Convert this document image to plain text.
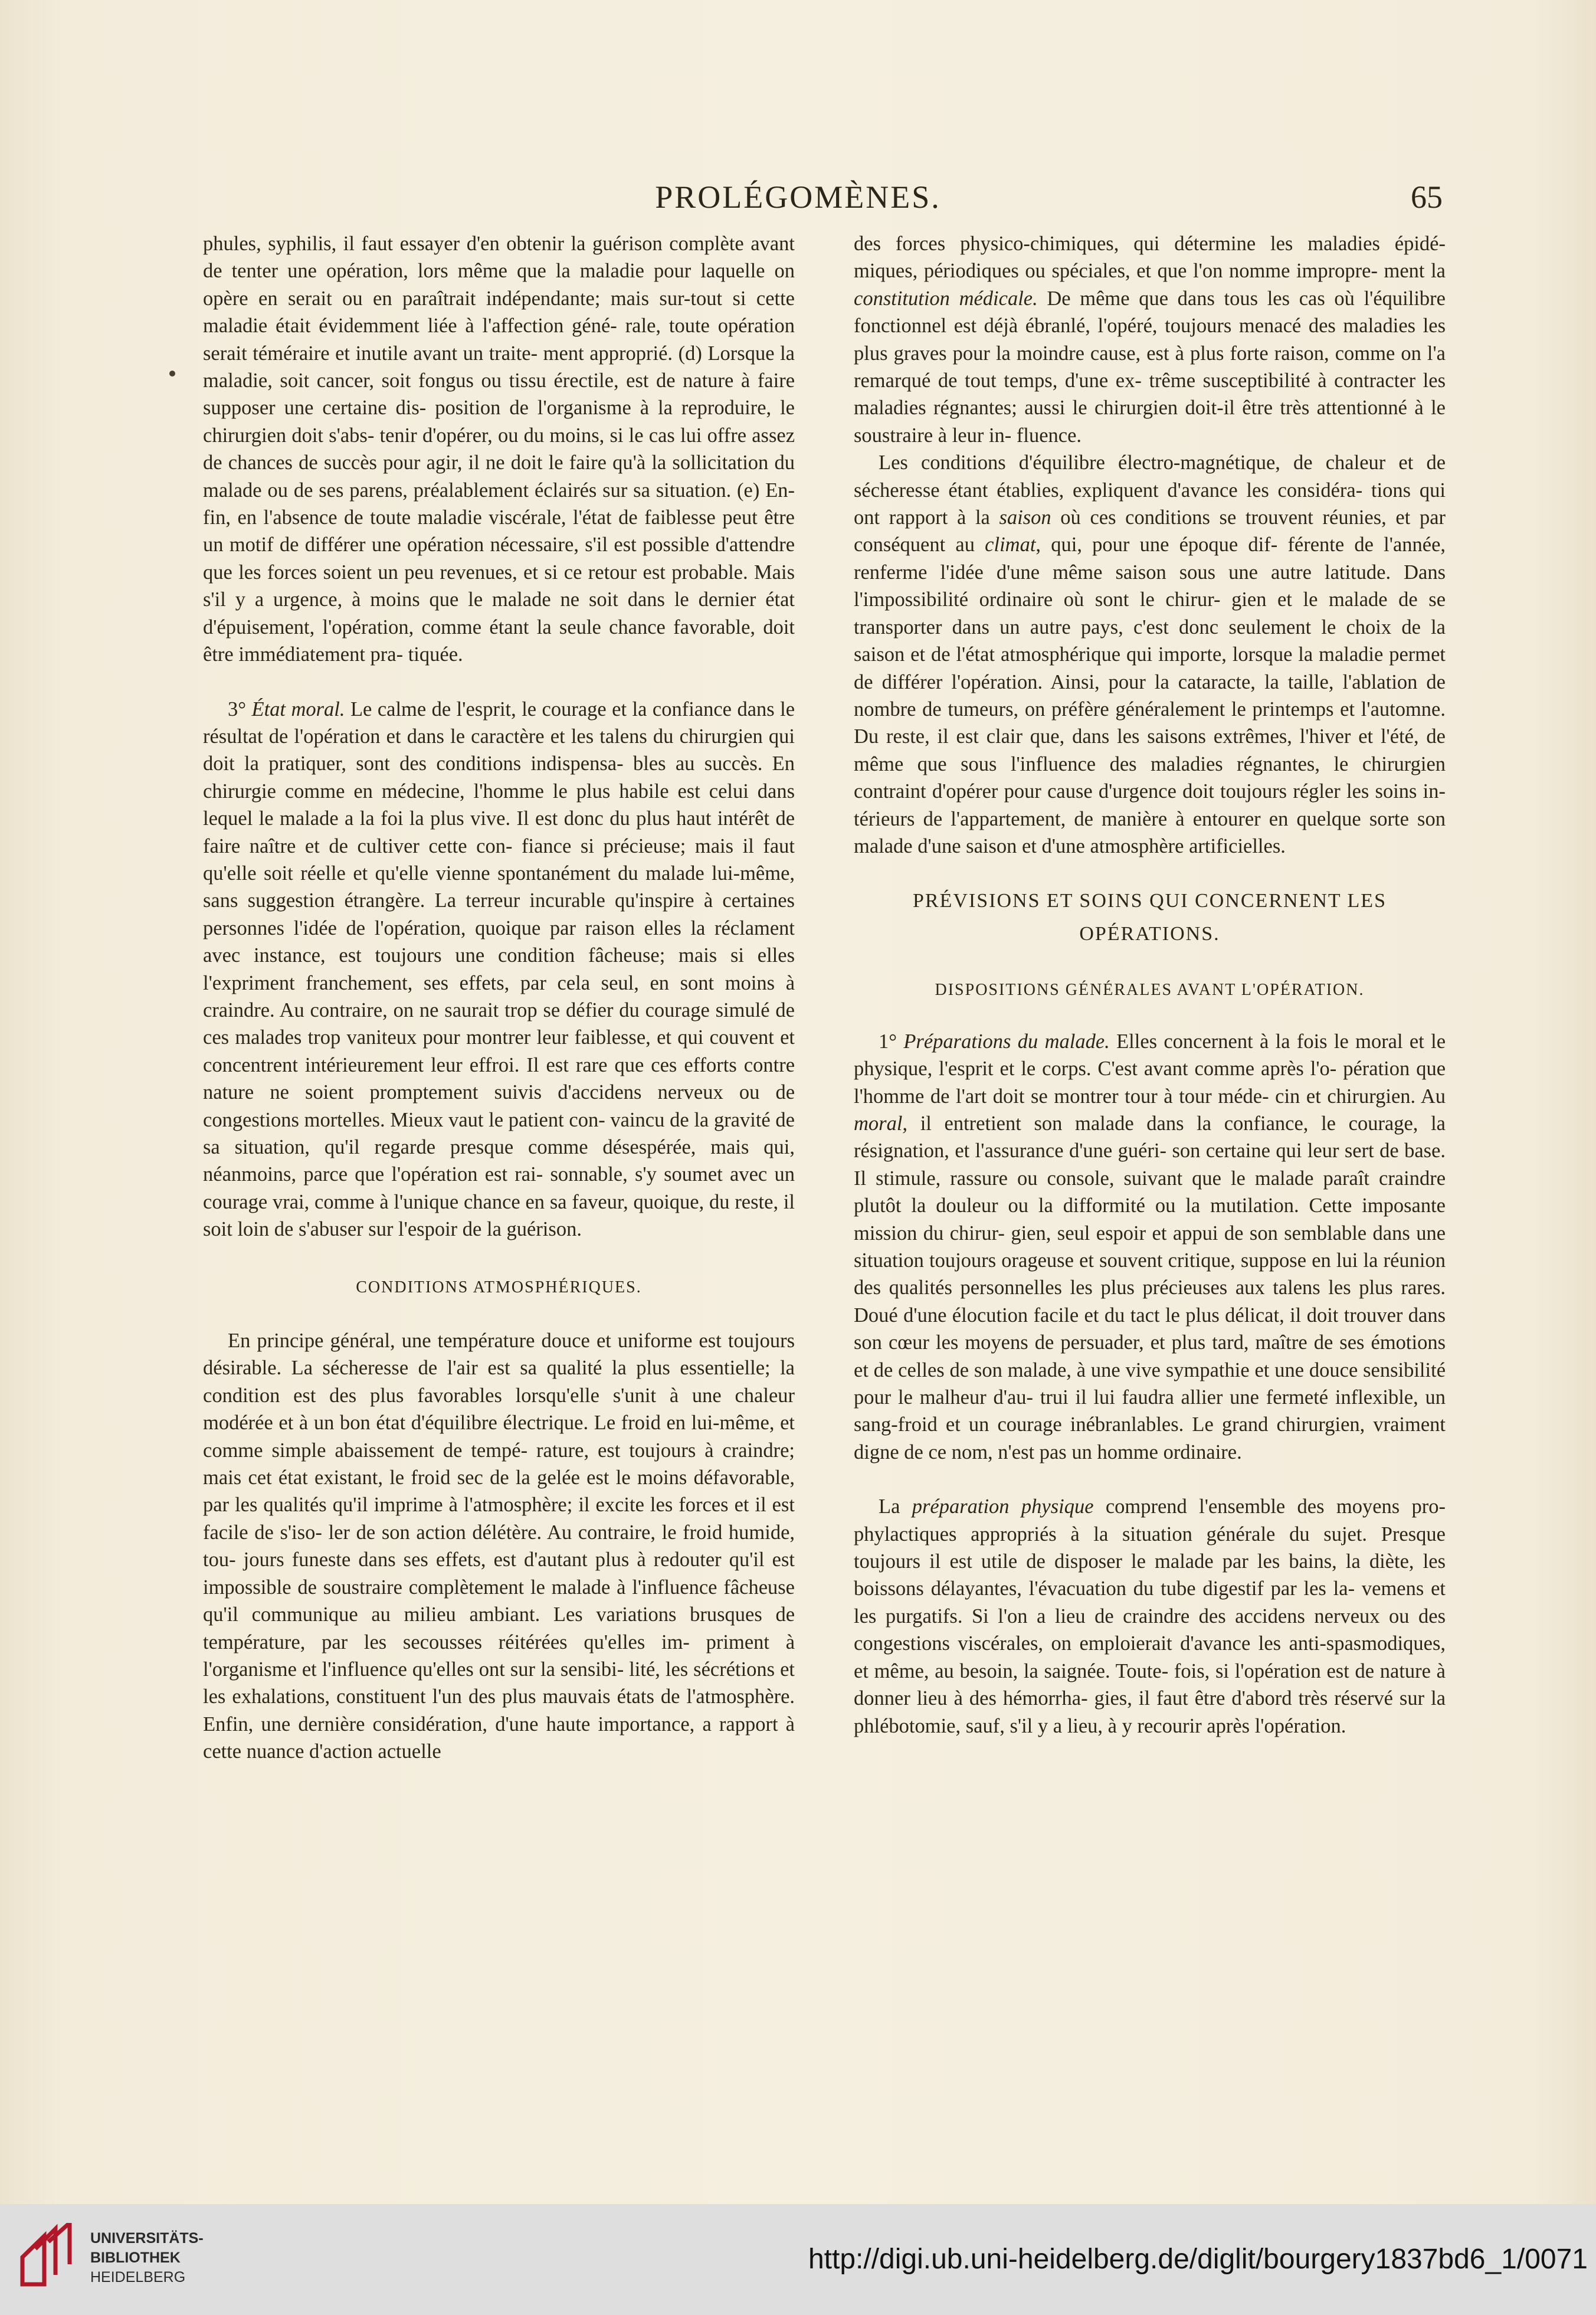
PROLÉGOMÈNES.	65

phules, syphilis, il faut essayer d'en obtenir la guérison complète avant de tenter une opération, lors même que la maladie pour laquelle on opère en serait ou en paraîtrait indépendante; mais sur-tout si cette maladie était évidemment liée à l'affection géné- rale, toute opération serait téméraire et inutile avant un traite- ment approprié. (d) Lorsque la maladie, soit cancer, soit fongus ou tissu érectile, est de nature à faire supposer une certaine dis- position de l'organisme à la reproduire, le chirurgien doit s'abs- tenir d'opérer, ou du moins, si le cas lui offre assez de chances de succès pour agir, il ne doit le faire qu'à la sollicitation du malade ou de ses parens, préalablement éclairés sur sa situation. (e) En- fin, en l'absence de toute maladie viscérale, l'état de faiblesse peut être un motif de différer une opération nécessaire, s'il est possible d'attendre que les forces soient un peu revenues, et si ce retour est probable. Mais s'il y a urgence, à moins que le malade ne soit dans le dernier état d'épuisement, l'opération, comme étant la seule chance favorable, doit être immédiatement pra- tiquée.

3° État moral. Le calme de l'esprit, le courage et la confiance dans le résultat de l'opération et dans le caractère et les talens du chirurgien qui doit la pratiquer, sont des conditions indispensa- bles au succès. En chirurgie comme en médecine, l'homme le plus habile est celui dans lequel le malade a la foi la plus vive. Il est donc du plus haut intérêt de faire naître et de cultiver cette con- fiance si précieuse; mais il faut qu'elle soit réelle et qu'elle vienne spontanément du malade lui-même, sans suggestion étrangère. La terreur incurable qu'inspire à certaines personnes l'idée de l'opération, quoique par raison elles la réclament avec instance, est toujours une condition fâcheuse; mais si elles l'expriment franchement, ses effets, par cela seul, en sont moins à craindre. Au contraire, on ne saurait trop se défier du courage simulé de ces malades trop vaniteux pour montrer leur faiblesse, et qui couvent et concentrent intérieurement leur effroi. Il est rare que ces efforts contre nature ne soient promptement suivis d'accidens nerveux ou de congestions mortelles. Mieux vaut le patient con- vaincu de la gravité de sa situation, qu'il regarde presque comme désespérée, mais qui, néanmoins, parce que l'opération est rai- sonnable, s'y soumet avec un courage vrai, comme à l'unique chance en sa faveur, quoique, du reste, il soit loin de s'abuser sur l'espoir de la guérison.

CONDITIONS ATMOSPHÉRIQUES.

En principe général, une température douce et uniforme est toujours désirable. La sécheresse de l'air est sa qualité la plus essentielle; la condition est des plus favorables lorsqu'elle s'unit à une chaleur modérée et à un bon état d'équilibre électrique. Le froid en lui-même, et comme simple abaissement de tempé- rature, est toujours à craindre; mais cet état existant, le froid sec de la gelée est le moins défavorable, par les qualités qu'il imprime à l'atmosphère; il excite les forces et il est facile de s'iso- ler de son action délétère. Au contraire, le froid humide, tou- jours funeste dans ses effets, est d'autant plus à redouter qu'il est impossible de soustraire complètement le malade à l'influence fâcheuse qu'il communique au milieu ambiant. Les variations brusques de température, par les secousses réitérées qu'elles im- priment à l'organisme et l'influence qu'elles ont sur la sensibi- lité, les sécrétions et les exhalations, constituent l'un des plus mauvais états de l'atmosphère. Enfin, une dernière considération, d'une haute importance, a rapport à cette nuance d'action actuelle

des forces physico-chimiques, qui détermine les maladies épidé- miques, périodiques ou spéciales, et que l'on nomme impropre- ment la constitution médicale. De même que dans tous les cas où l'équilibre fonctionnel est déjà ébranlé, l'opéré, toujours menacé des maladies les plus graves pour la moindre cause, est à plus forte raison, comme on l'a remarqué de tout temps, d'une ex- trême susceptibilité à contracter les maladies régnantes; aussi le chirurgien doit-il être très attentionné à le soustraire à leur in- fluence.

Les conditions d'équilibre électro-magnétique, de chaleur et de sécheresse étant établies, expliquent d'avance les considéra- tions qui ont rapport à la saison où ces conditions se trouvent réunies, et par conséquent au climat, qui, pour une époque dif- férente de l'année, renferme l'idée d'une même saison sous une autre latitude. Dans l'impossibilité ordinaire où sont le chirur- gien et le malade de se transporter dans un autre pays, c'est donc seulement le choix de la saison et de l'état atmosphérique qui importe, lorsque la maladie permet de différer l'opération. Ainsi, pour la cataracte, la taille, l'ablation de nombre de tumeurs, on préfère généralement le printemps et l'automne. Du reste, il est clair que, dans les saisons extrêmes, l'hiver et l'été, de même que sous l'influence des maladies régnantes, le chirurgien contraint d'opérer pour cause d'urgence doit toujours régler les soins in- térieurs de l'appartement, de manière à entourer en quelque sorte son malade d'une saison et d'une atmosphère artificielles.

PRÉVISIONS ET SOINS QUI CONCERNENT LES
OPÉRATIONS.

DISPOSITIONS GÉNÉRALES AVANT L'OPÉRATION.

1° Préparations du malade. Elles concernent à la fois le moral et le physique, l'esprit et le corps. C'est avant comme après l'o- pération que l'homme de l'art doit se montrer tour à tour méde- cin et chirurgien. Au moral, il entretient son malade dans la confiance, le courage, la résignation, et l'assurance d'une guéri- son certaine qui leur sert de base. Il stimule, rassure ou console, suivant que le malade paraît craindre plutôt la douleur ou la difformité ou la mutilation. Cette imposante mission du chirur- gien, seul espoir et appui de son semblable dans une situation toujours orageuse et souvent critique, suppose en lui la réunion des qualités personnelles les plus précieuses aux talens les plus rares. Doué d'une élocution facile et du tact le plus délicat, il doit trouver dans son cœur les moyens de persuader, et plus tard, maître de ses émotions et de celles de son malade, à une vive sympathie et une douce sensibilité pour le malheur d'au- trui il lui faudra allier une fermeté inflexible, un sang-froid et un courage inébranlables. Le grand chirurgien, vraiment digne de ce nom, n'est pas un homme ordinaire.

La préparation physique comprend l'ensemble des moyens pro- phylactiques appropriés à la situation générale du sujet. Presque toujours il est utile de disposer le malade par les bains, la diète, les boissons délayantes, l'évacuation du tube digestif par les la- vemens et les purgatifs. Si l'on a lieu de craindre des accidens nerveux ou des congestions viscérales, on emploierait d'avance les anti-spasmodiques, et même, au besoin, la saignée. Toute- fois, si l'opération est de nature à donner lieu à des hémorrha- gies, il faut être d'abord très réservé sur la phlébotomie, sauf, s'il y a lieu, à y recourir après l'opération.

UNIVERSITÄTS-
BIBLIOTHEK
HEIDELBERG
http://digi.ub.uni-heidelberg.de/diglit/bourgery1837bd6_1/0071
